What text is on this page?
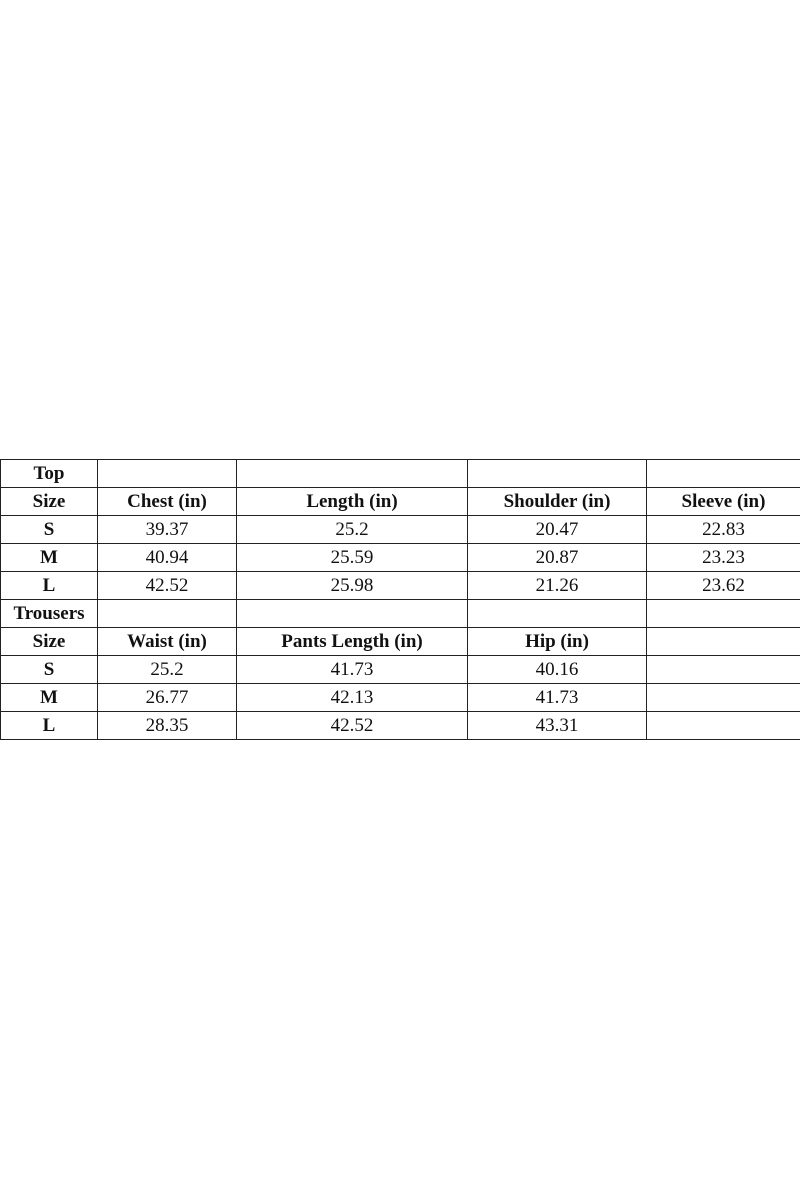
Top				
Size	Chest (in)	Length (in)	Shoulder (in)	Sleeve (in)
S	39.37	25.2	20.47	22.83
M	40.94	25.59	20.87	23.23
L	42.52	25.98	21.26	23.62
Trousers				
Size	Waist (in)	Pants Length (in)	Hip (in)	
S	25.2	41.73	40.16	
M	26.77	42.13	41.73	
L	28.35	42.52	43.31	
